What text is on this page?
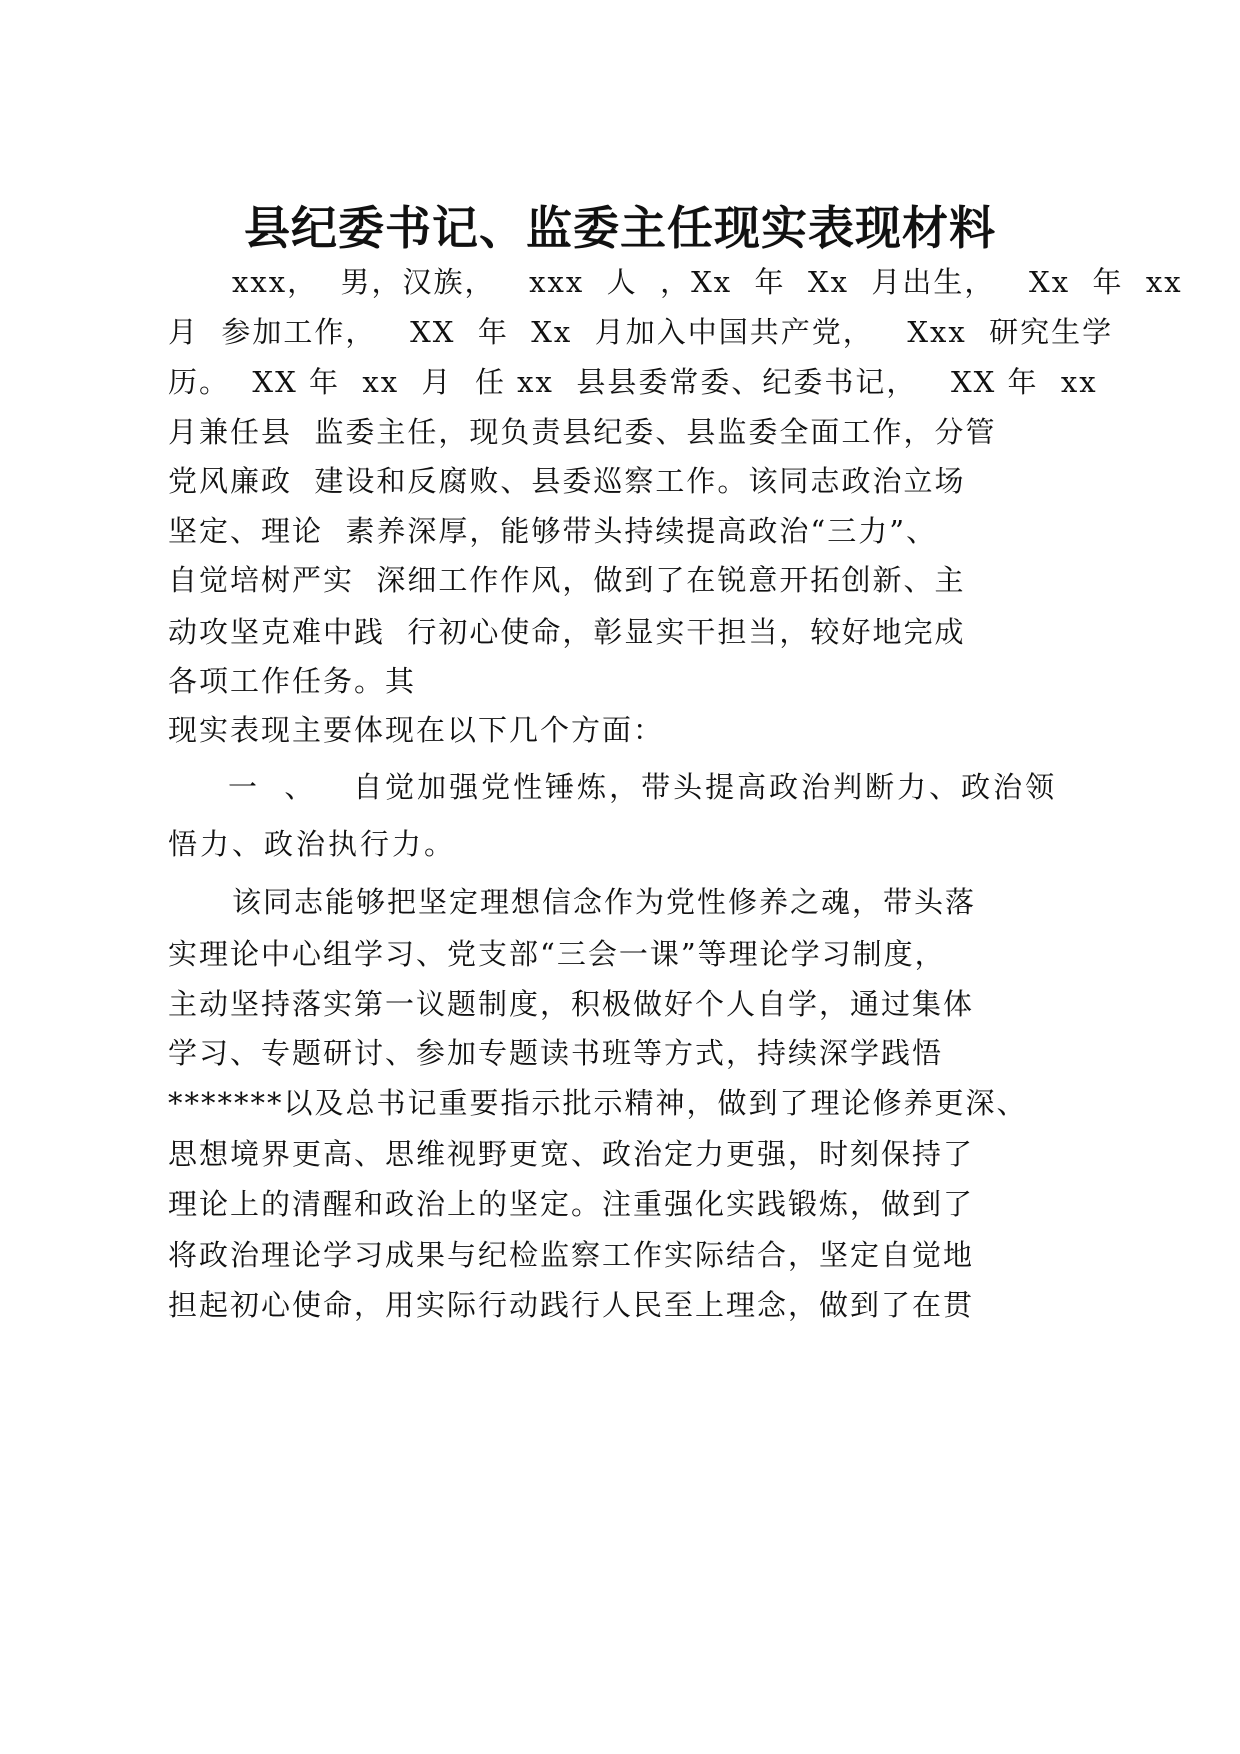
县纪委书记、监委主任现实表现材料
xxx，  男，汉族，   xxx  人  ，Xx  年  Xx  月出生，   Xx  年  xx
月  参加工作，   XX  年  Xx  月加入中国共产党，   Xxx  研究生学
历。  XX 年  xx  月  任 xx  县县委常委、纪委书记，   XX 年  xx
月兼任县  监委主任，现负责县纪委、县监委全面工作，分管
党风廉政  建设和反腐败、县委巡察工作。该同志政治立场
坚定、理论  素养深厚，能够带头持续提高政治“三力”、
自觉培树严实  深细工作作风，做到了在锐意开拓创新、主
动攻坚克难中践  行初心使命，彰显实干担当，较好地完成
各项工作任务。其
现实表现主要体现在以下几个方面：
一  、   自觉加强党性锤炼，带头提高政治判断力、政治领
悟力、政治执行力。
该同志能够把坚定理想信念作为党性修养之魂，带头落
实理论中心组学习、党支部“三会一课”等理论学习制度，
主动坚持落实第一议题制度，积极做好个人自学，通过集体
学习、专题研讨、参加专题读书班等方式，持续深学践悟
*******以及总书记重要指示批示精神，做到了理论修养更深、
思想境界更高、思维视野更宽、政治定力更强，时刻保持了
理论上的清醒和政治上的坚定。注重强化实践锻炼，做到了
将政治理论学习成果与纪检监察工作实际结合，坚定自觉地
担起初心使命，用实际行动践行人民至上理念，做到了在贯
